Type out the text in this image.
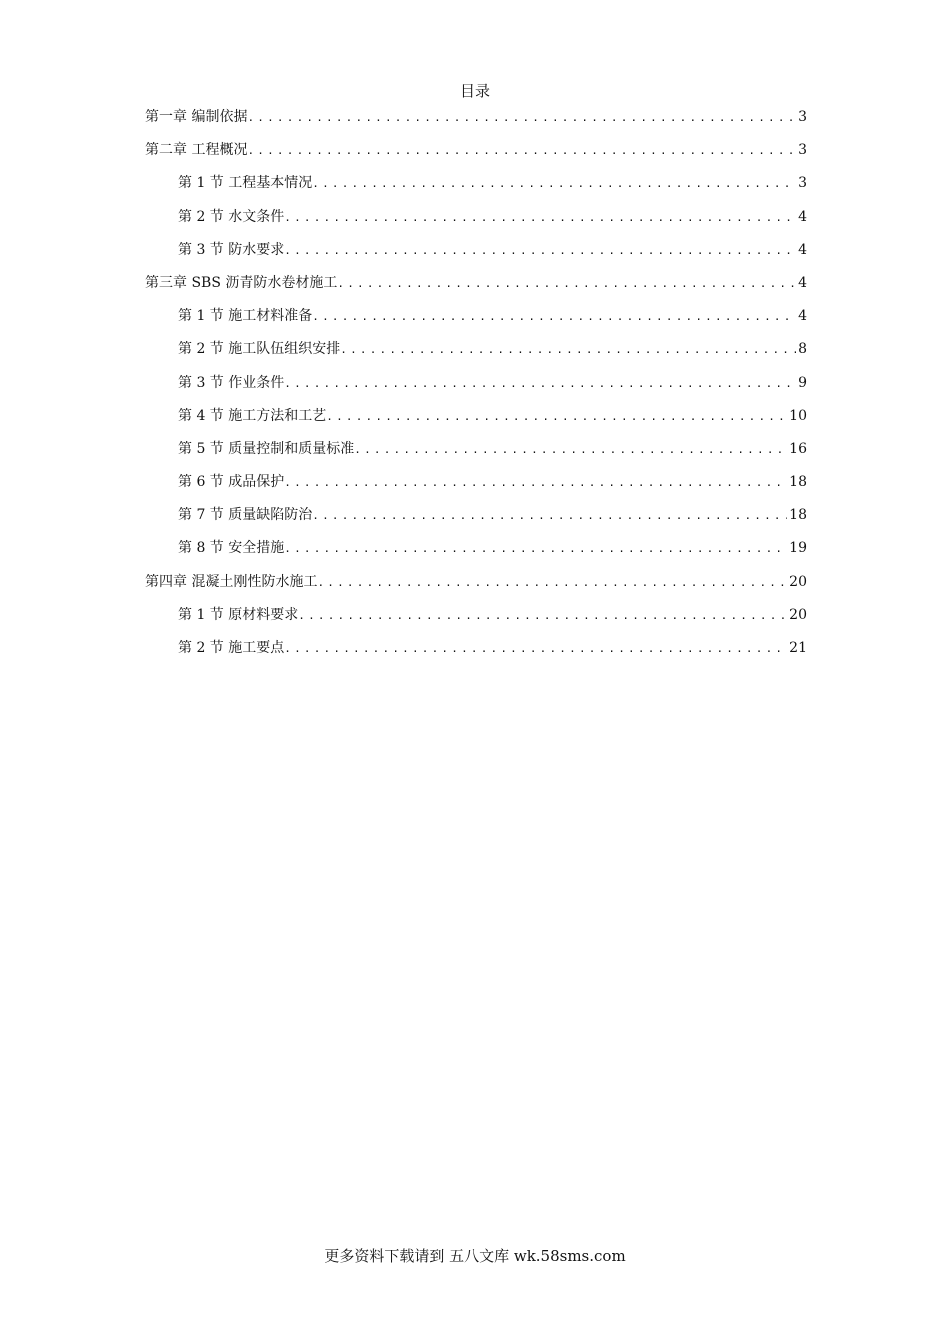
目录
第一章 编制依据 .....	3
第二章 工程概况 .....	3
第 1 节 工程基本情况 .....	3
第 2 节 水文条件 .....	4
第 3 节 防水要求 .....	4
第三章 SBS 沥青防水卷材施工 .....	4
第 1 节 施工材料准备 .....	4
第 2 节 施工队伍组织安排 .....	8
第 3 节 作业条件 .....	9
第 4 节 施工方法和工艺 .....	10
第 5 节 质量控制和质量标准 .....	16
第 6 节 成品保护 .....	18
第 7 节 质量缺陷防治 .....	18
第 8 节 安全措施 .....	19
第四章 混凝土刚性防水施工 .....	20
第 1 节 原材料要求 .....	20
第 2 节 施工要点 .....	21
更多资料下载请到 五八文库 wk.58sms.com
